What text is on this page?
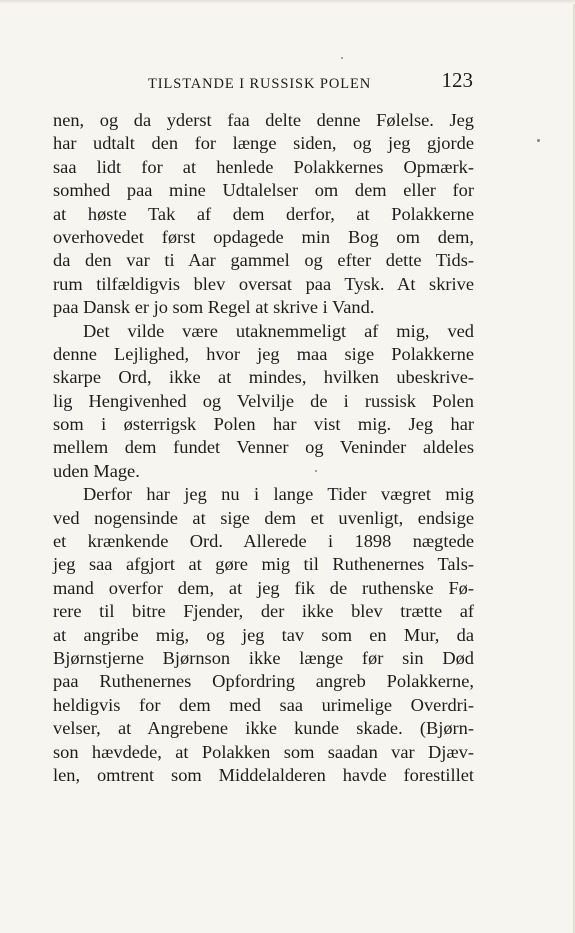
TILSTANDE I RUSSISK POLEN	123
nen, og da yderst faa delte denne Følelse. Jeg
har udtalt den for længe siden, og jeg gjorde
saa lidt for at henlede Polakkernes Opmærk-
somhed paa mine Udtalelser om dem eller for
at høste Tak af dem derfor, at Polakkerne
overhovedet først opdagede min Bog om dem,
da den var ti Aar gammel og efter dette Tids-
rum tilfældigvis blev oversat paa Tysk. At skrive
paa Dansk er jo som Regel at skrive i Vand.
Det vilde være utaknemmeligt af mig, ved
denne Lejlighed, hvor jeg maa sige Polakkerne
skarpe Ord, ikke at mindes, hvilken ubeskrive-
lig Hengivenhed og Velvilje de i russisk Polen
som i østerrigsk Polen har vist mig. Jeg har
mellem dem fundet Venner og Veninder aldeles
uden Mage.
Derfor har jeg nu i lange Tider vægret mig
ved nogensinde at sige dem et uvenligt, endsige
et krænkende Ord. Allerede i 1898 nægtede
jeg saa afgjort at gøre mig til Ruthenernes Tals-
mand overfor dem, at jeg fik de ruthenske Fø-
rere til bitre Fjender, der ikke blev trætte af
at angribe mig, og jeg tav som en Mur, da
Bjørnstjerne Bjørnson ikke længe før sin Død
paa Ruthenernes Opfordring angreb Polakkerne,
heldigvis for dem med saa urimelige Overdri-
velser, at Angrebene ikke kunde skade. (Bjørn-
son hævdede, at Polakken som saadan var Djæv-
len, omtrent som Middelalderen havde forestillet
